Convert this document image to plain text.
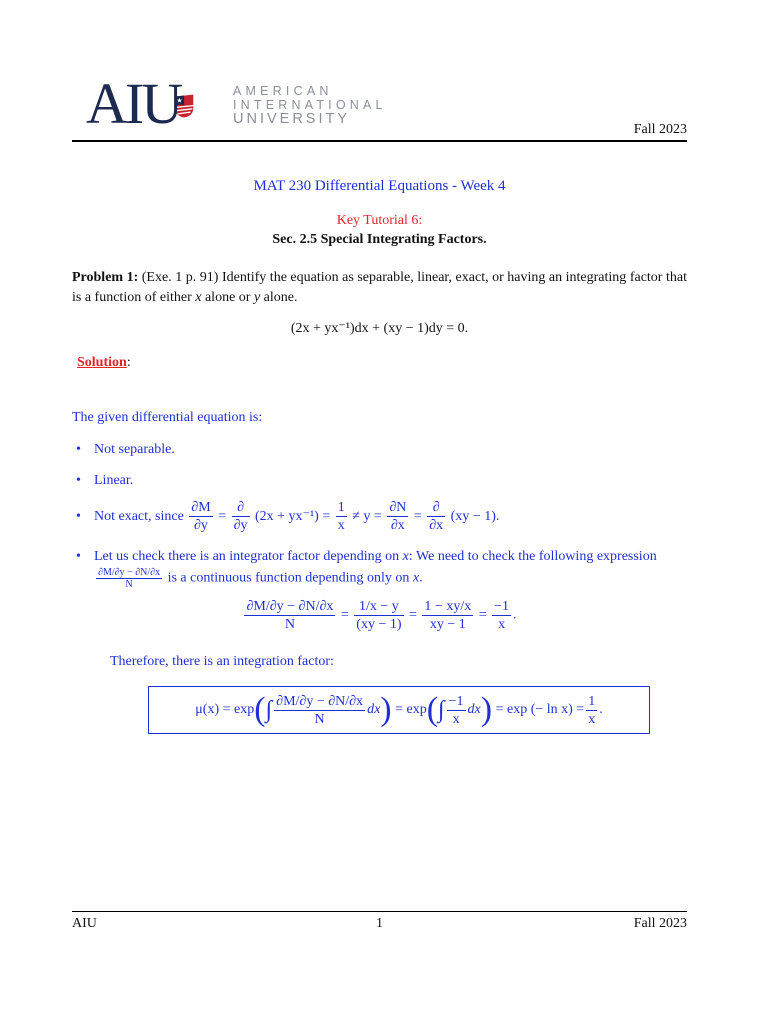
AIU	AMERICAN
INTERNATIONAL
UNIVERSITY
Fall 2023
MAT 230 Differential Equations - Week 4
Key Tutorial 6:
Sec. 2.5 Special Integrating Factors.
Problem 1: (Exe. 1 p. 91) Identify the equation as separable, linear, exact, or having an integrating factor that is a function of either x alone or y alone.
(2x + yx⁻¹)dx + (xy − 1)dy = 0.
Solution:
The given differential equation is:
• Not separable.
• Linear.
• Not exact, since $\frac{\partial M}{\partial y} = \frac{\partial}{\partial y} (2x + yx^{-1}) = \frac{1}{x} \ne y = \frac{\partial N}{\partial x} = \frac{\partial}{\partial x} (xy - 1)$.
• Let us check there is an integrator factor depending on x: We need to check the following expression
$\frac{\partial M/\partial y - \partial N/\partial x}{N}$ is a continuous function depending only on x.
$\frac{\partial M/\partial y - \partial N/\partial x}{N} = \frac{1/x - y}{(xy - 1)} = \frac{1 - xy/x}{xy - 1} = \frac{-1}{x}$ .
Therefore, there is an integration factor:
μ(x) = exp ( ∫ $\frac{\partial M/\partial y - \partial N/\partial x}{N}$ dx )
= exp ( ∫ $\frac{-1}{x}$ dx )
= exp (− $\ln x) = \frac{1}{x}$ .
AIU	1	Fall 2023
